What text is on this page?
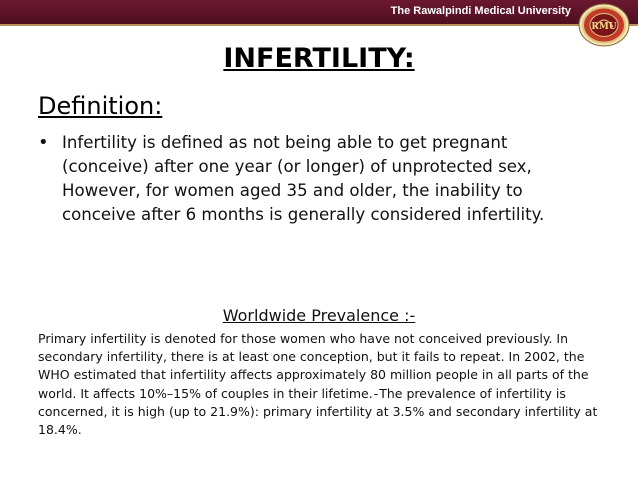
The Rawalpindi Medical University
RMU
INFERTILITY:
Definition:
• Infertility is defined as not being able to get pregnant (conceive) after one year (or longer) of unprotected sex, However, for women aged 35 and older, the inability to conceive after 6 months is generally considered infertility.
Worldwide Prevalence :-
Primary infertility is denoted for those women who have not conceived previously. In secondary infertility, there is at least one conception, but it fails to repeat. In 2002, the WHO estimated that infertility affects approximately 80 million people in all parts of the world. It affects 10%–15% of couples in their lifetime.-The prevalence of infertility is concerned, it is high (up to 21.9%): primary infertility at 3.5% and secondary infertility at 18.4%.
